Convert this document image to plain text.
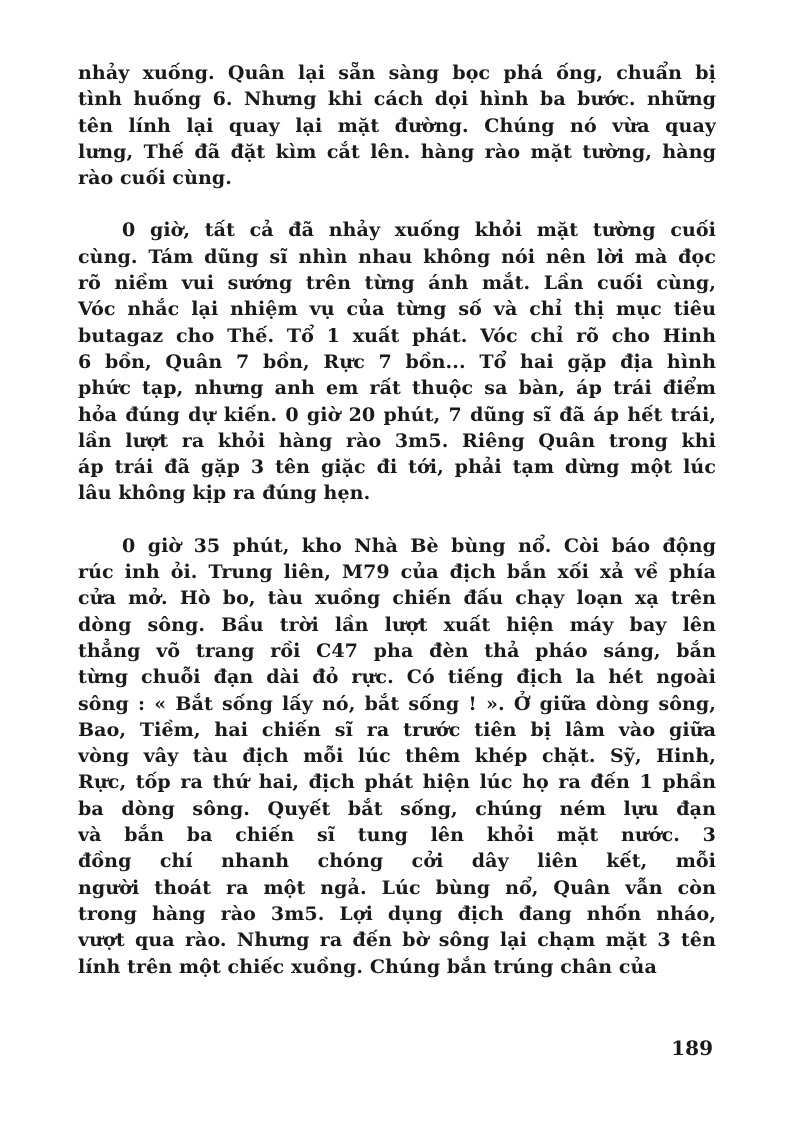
nhảy xuống. Quân lại sẵn sàng bọc phá ống, chuẩn bị
tình huống 6. Nhưng khi cách dọi hình ba bước. những
tên lính lại quay lại mặt đường. Chúng nó vừa quay
lưng, Thế đã đặt kìm cắt lên. hàng rào mặt tường, hàng
rào cuối cùng.
0 giờ, tất cả đã nhảy xuống khỏi mặt tường cuối
cùng. Tám dũng sĩ nhìn nhau không nói nên lời mà đọc
rõ niềm vui sướng trên từng ánh mắt. Lần cuối cùng,
Vóc nhắc lại nhiệm vụ của từng số và chỉ thị mục tiêu
butagaz cho Thế. Tổ 1 xuất phát. Vóc chỉ rõ cho Hinh
6 bồn, Quân 7 bồn, Rực 7 bồn... Tổ hai gặp địa hình
phức tạp, nhưng anh em rất thuộc sa bàn, áp trái điểm
hỏa đúng dự kiến. 0 giờ 20 phút, 7 dũng sĩ đã áp hết trái,
lần lượt ra khỏi hàng rào 3m5. Riêng Quân trong khi
áp trái đã gặp 3 tên giặc đi tới, phải tạm dừng một lúc
lâu không kịp ra đúng hẹn.
0 giờ 35 phút, kho Nhà Bè bùng nổ. Còi báo động
rúc inh ỏi. Trung liên, M79 của địch bắn xối xả về phía
cửa mở. Hò bo, tàu xuồng chiến đấu chạy loạn xạ trên
dòng sông. Bầu trời lần lượt xuất hiện máy bay lên
thẳng võ trang rồi C47 pha đèn thả pháo sáng, bắn
từng chuỗi đạn dài đỏ rực. Có tiếng địch la hét ngoài
sông : « Bắt sống lấy nó, bắt sống ! ». Ở giữa dòng sông,
Bao, Tiềm, hai chiến sĩ ra trước tiên bị lâm vào giữa
vòng vây tàu địch mỗi lúc thêm khép chặt. Sỹ, Hinh,
Rực, tốp ra thứ hai, địch phát hiện lúc họ ra đến 1 phần
ba dòng sông. Quyết bắt sống, chúng ném lựu đạn
và bắn ba chiến sĩ tung lên khỏi mặt nước. 3
đồng chí nhanh chóng cởi dây liên kết, mỗi
người thoát ra một ngả. Lúc bùng nổ, Quân vẫn còn
trong hàng rào 3m5. Lợi dụng địch đang nhốn nháo,
vượt qua rào. Nhưng ra đến bờ sông lại chạm mặt 3 tên
lính trên một chiếc xuồng. Chúng bắn trúng chân của
189
